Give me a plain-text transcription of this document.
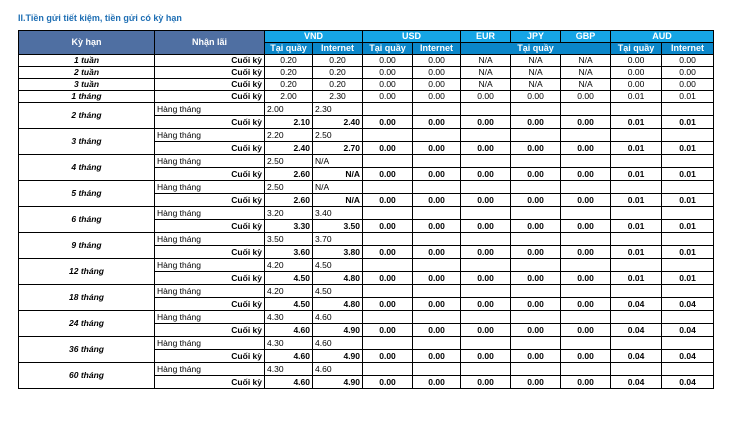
II.Tiền gửi tiết kiệm, tiền gửi có kỳ hạn
Kỳ hạn	Nhận lãi	VND		USD		EUR	JPY	GBP	AUD	
		Tại quầy	Internet	Tại quầy	Internet	Tại quầy			Tại quầy	Internet
1 tuần	Cuối kỳ	0.20	0.20	0.00	0.00	N/A	N/A	N/A	0.00	0.00
2 tuần	Cuối kỳ	0.20	0.20	0.00	0.00	N/A	N/A	N/A	0.00	0.00
3 tuần	Cuối kỳ	0.20	0.20	0.00	0.00	N/A	N/A	N/A	0.00	0.00
1 tháng	Cuối kỳ	2.00	2.30	0.00	0.00	0.00	0.00	0.00	0.01	0.01
2 tháng	Hàng tháng	2.00	2.30							
	Cuối kỳ	2.10	2.40	0.00	0.00	0.00	0.00	0.00	0.01	0.01
3 tháng	Hàng tháng	2.20	2.50							
	Cuối kỳ	2.40	2.70	0.00	0.00	0.00	0.00	0.00	0.01	0.01
4 tháng	Hàng tháng	2.50	N/A							
	Cuối kỳ	2.60	N/A	0.00	0.00	0.00	0.00	0.00	0.01	0.01
5 tháng	Hàng tháng	2.50	N/A							
	Cuối kỳ	2.60	N/A	0.00	0.00	0.00	0.00	0.00	0.01	0.01
6 tháng	Hàng tháng	3.20	3.40							
	Cuối kỳ	3.30	3.50	0.00	0.00	0.00	0.00	0.00	0.01	0.01
9 tháng	Hàng tháng	3.50	3.70							
	Cuối kỳ	3.60	3.80	0.00	0.00	0.00	0.00	0.00	0.01	0.01
12 tháng	Hàng tháng	4.20	4.50							
	Cuối kỳ	4.50	4.80	0.00	0.00	0.00	0.00	0.00	0.01	0.01
18 tháng	Hàng tháng	4.20	4.50							
	Cuối kỳ	4.50	4.80	0.00	0.00	0.00	0.00	0.00	0.04	0.04
24 tháng	Hàng tháng	4.30	4.60							
	Cuối kỳ	4.60	4.90	0.00	0.00	0.00	0.00	0.00	0.04	0.04
36 tháng	Hàng tháng	4.30	4.60							
	Cuối kỳ	4.60	4.90	0.00	0.00	0.00	0.00	0.00	0.04	0.04
60 tháng	Hàng tháng	4.30	4.60							
	Cuối kỳ	4.60	4.90	0.00	0.00	0.00	0.00	0.00	0.04	0.04
